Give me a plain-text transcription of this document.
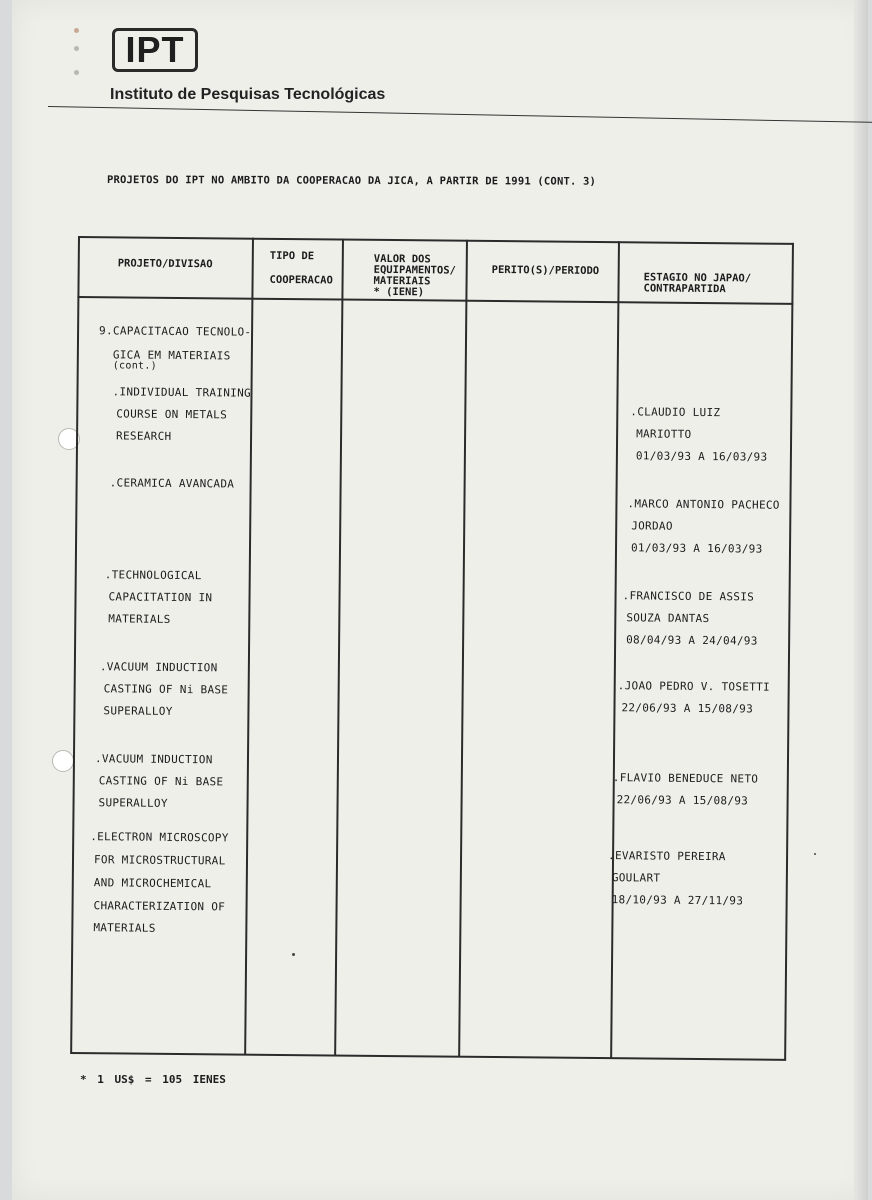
IPT
Instituto de Pesquisas Tecnológicas
PROJETOS DO IPT NO AMBITO DA COOPERACAO DA JICA, A PARTIR DE 1991 (CONT. 3)
PROJETO/DIVISAO
TIPO DE
COOPERACAO
VALOR DOS
EQUIPAMENTOS/
MATERIAIS
* (IENE)
PERITO(S)/PERIODO
ESTAGIO NO JAPAO/
CONTRAPARTIDA
9.CAPACITACAO TECNOLO-
GICA EM MATERIAIS
(cont.)
.INDIVIDUAL TRAINING
COURSE ON METALS
RESEARCH
.CLAUDIO LUIZ
MARIOTTO
01/03/93 A 16/03/93
.CERAMICA AVANCADA
.MARCO ANTONIO PACHECO
JORDAO
01/03/93 A 16/03/93
.TECHNOLOGICAL
CAPACITATION IN
MATERIALS
.FRANCISCO DE ASSIS
SOUZA DANTAS
08/04/93 A 24/04/93
.VACUUM INDUCTION
CASTING OF Ni BASE
SUPERALLOY
.JOAO PEDRO V. TOSETTI
22/06/93 A 15/08/93
.VACUUM INDUCTION
CASTING OF Ni BASE
SUPERALLOY
.FLAVIO BENEDUCE NETO
22/06/93 A 15/08/93
.ELECTRON MICROSCOPY
FOR MICROSTRUCTURAL
AND MICROCHEMICAL
CHARACTERIZATION OF
MATERIALS
.EVARISTO PEREIRA
GOULART
18/10/93 A 27/11/93
* 1 US$ = 105 IENES
